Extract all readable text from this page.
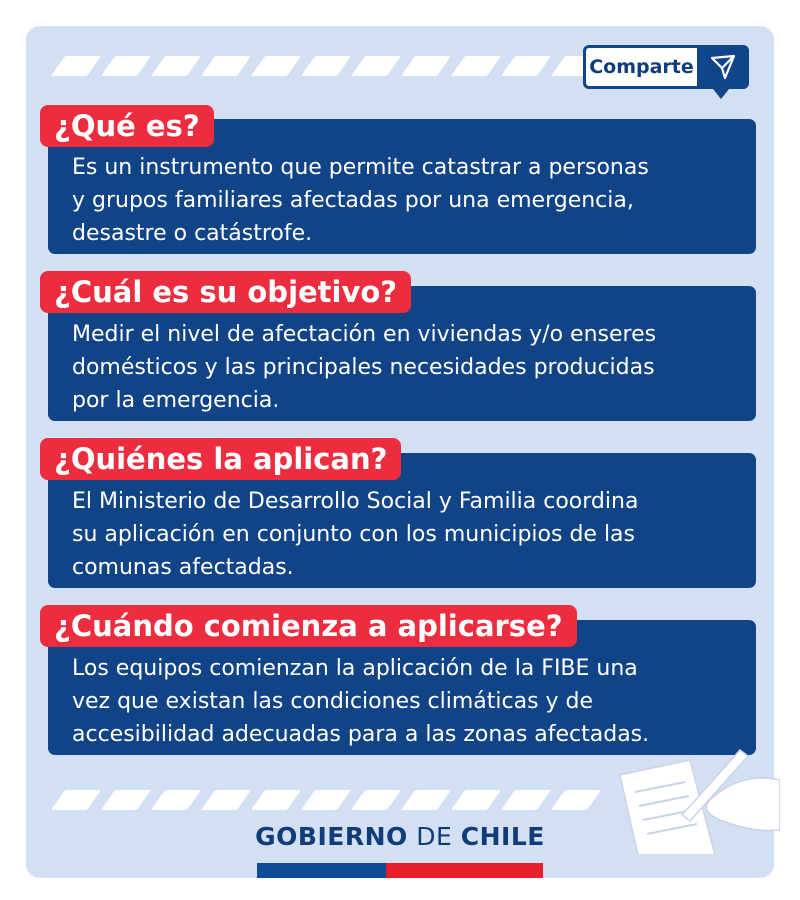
Comparte

Es un instrumento que permite catastrar a personas
y grupos familiares afectadas por una emergencia,
desastre o catástrofe.

¿Qué es?

Medir el nivel de afectación en viviendas y/o enseres
domésticos y las principales necesidades producidas
por la emergencia.

¿Cuál es su objetivo?

El Ministerio de Desarrollo Social y Familia coordina
su aplicación en conjunto con los municipios de las
comunas afectadas.

¿Quiénes la aplican?

Los equipos comienzan la aplicación de la FIBE una
vez que existan las condiciones climáticas y de
accesibilidad adecuadas para a las zonas afectadas.

¿Cuándo comienza a aplicarse?
GOBIERNO DE CHILE
